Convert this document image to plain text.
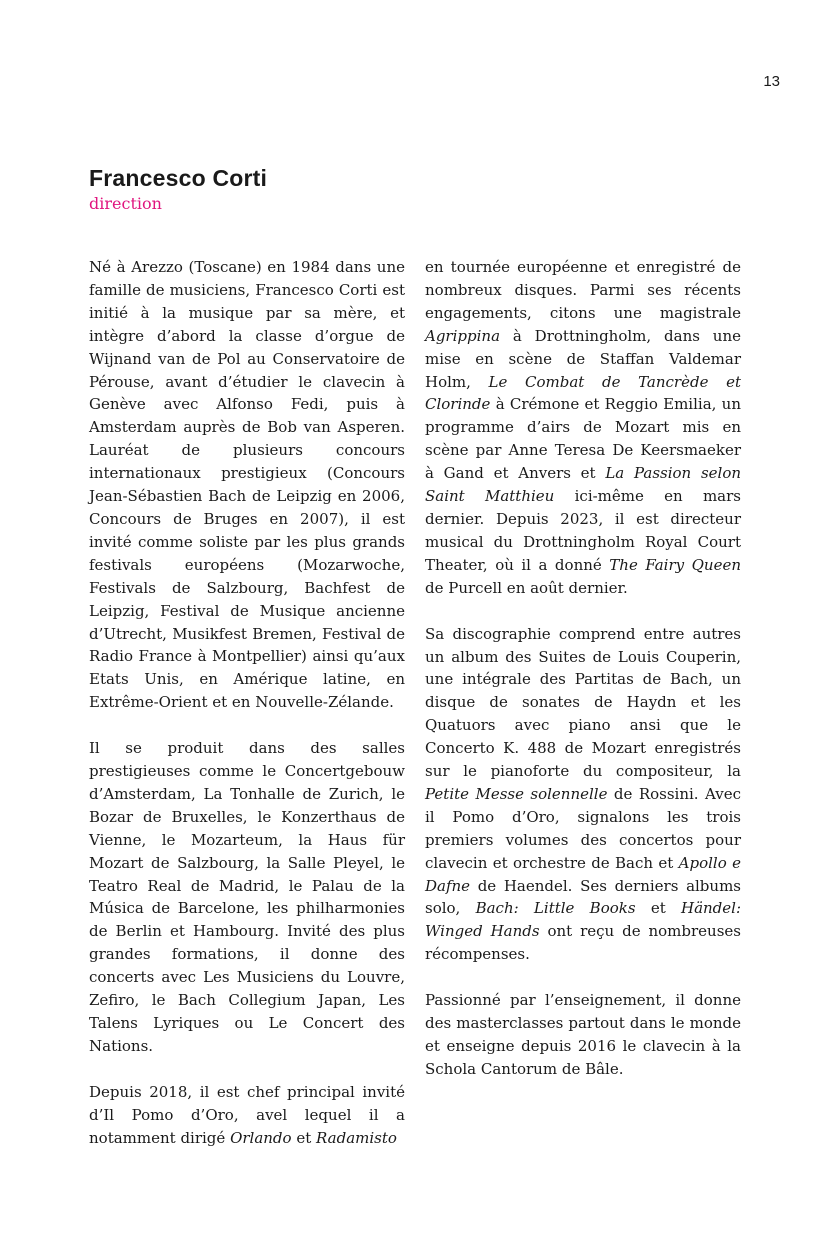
13
Francesco Corti
direction

Né à Arezzo (Toscane) en 1984 dans une famille de musiciens, Francesco Corti est initié à la musique par sa mère, et intègre d’abord la classe d’orgue de Wijnand van de Pol au Conservatoire de Pérouse, avant d’étudier le clavecin à Genève avec Alfonso Fedi, puis à Amsterdam auprès de Bob van Asperen. Lauréat de plusieurs concours internationaux prestigieux (Concours Jean-Sébastien Bach de Leipzig en 2006, Concours de Bruges en 2007), il est invité comme soliste par les plus grands festivals européens (Mozarwoche, Festivals de Salzbourg, Bachfest de Leipzig, Festival de Musique ancienne d’Utrecht, Musikfest Bremen, Festival de Radio France à Montpellier) ainsi qu’aux Etats Unis, en Amérique latine, en Extrême-Orient et en Nouvelle-Zélande.

Il se produit dans des salles prestigieuses comme le Concertgebouw d’Amsterdam, La Tonhalle de Zurich, le Bozar de Bruxelles, le Konzerthaus de Vienne, le Mozarteum, la Haus für Mozart de Salzbourg, la Salle Pleyel, le Teatro Real de Madrid, le Palau de la Música de Barcelone, les philharmonies de Berlin et Hambourg. Invité des plus grandes formations, il donne des concerts avec Les Musiciens du Louvre, Zefiro, le Bach Collegium Japan, Les Talens Lyriques ou Le Concert des Nations.

Depuis 2018, il est chef principal invité d’Il Pomo d’Oro, avel lequel il a notamment dirigé Orlando et Radamisto

en tournée européenne et enregistré de nombreux disques. Parmi ses récents engagements, citons une magistrale Agrippina à Drottningholm, dans une mise en scène de Staffan Valdemar Holm, Le Combat de Tancrède et Clorinde à Crémone et Reggio Emilia, un programme d’airs de Mozart mis en scène par Anne Teresa De Keersmaeker à Gand et Anvers et La Passion selon Saint Matthieu ici-même en mars dernier. Depuis 2023, il est directeur musical du Drottningholm Royal Court Theater, où il a donné The Fairy Queen de Purcell en août dernier.

Sa discographie comprend entre autres un album des Suites de Louis Couperin, une intégrale des Partitas de Bach, un disque de sonates de Haydn et les Quatuors avec piano ansi que le Concerto K. 488 de Mozart enregistrés sur le pianoforte du compositeur, la Petite Messe solennelle de Rossini. Avec il Pomo d’Oro, signalons les trois premiers volumes des concertos pour clavecin et orchestre de Bach et Apollo e Dafne de Haendel. Ses derniers albums solo, Bach: Little Books et Händel: Winged Hands ont reçu de nombreuses récompenses.

Passionné par l’enseignement, il donne des masterclasses partout dans le monde et enseigne depuis 2016 le clavecin à la Schola Cantorum de Bâle.
